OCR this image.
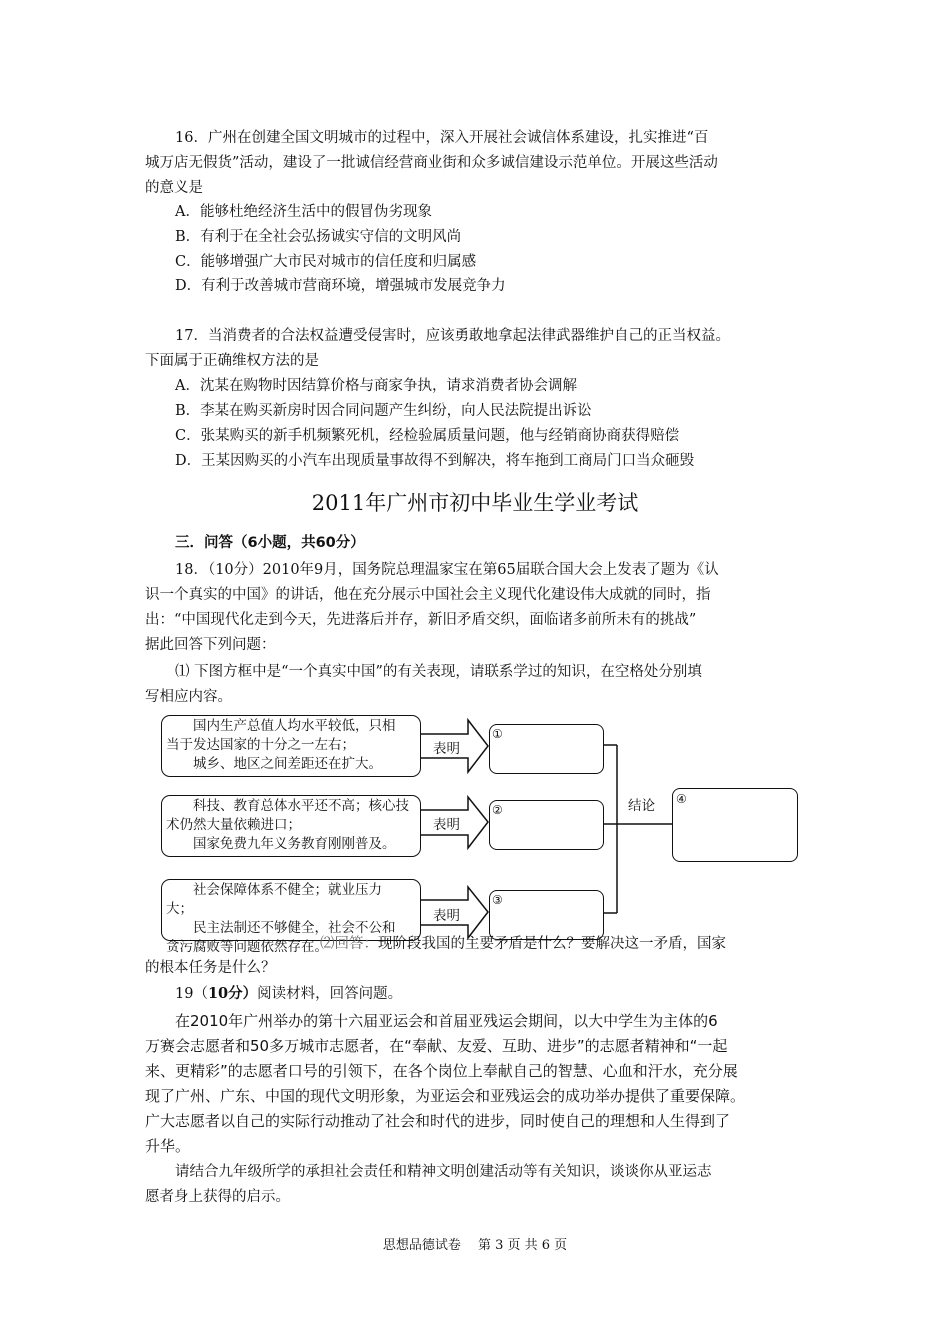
16．广州在创建全国文明城市的过程中，深入开展社会诚信体系建设，扎实推进“百
城万店无假货”活动，建设了一批诚信经营商业街和众多诚信建设示范单位。开展这些活动
的意义是
A．能够杜绝经济生活中的假冒伪劣现象
B．有利于在全社会弘扬诚实守信的文明风尚
C．能够增强广大市民对城市的信任度和归属感
D．有利于改善城市营商环境，增强城市发展竞争力
17．当消费者的合法权益遭受侵害时，应该勇敢地拿起法律武器维护自己的正当权益。
下面属于正确维权方法的是
A．沈某在购物时因结算价格与商家争执，请求消费者协会调解
B．李某在购买新房时因合同问题产生纠纷，向人民法院提出诉讼
C．张某购买的新手机频繁死机，经检验属质量问题，他与经销商协商获得赔偿
D．王某因购买的小汽车出现质量事故得不到解决，将车拖到工商局门口当众砸毁
2011年广州市初中毕业生学业考试
三．问答（6小题，共60分）
18．（10分）2010年9月，国务院总理温家宝在第65届联合国大会上发表了题为《认
识一个真实的中国》的讲话，他在充分展示中国社会主义现代化建设伟大成就的同时，指
出：“中国现代化走到今天，先进落后并存，新旧矛盾交织，面临诸多前所未有的挑战”
据此回答下列问题：
⑴ 下图方框中是“一个真实中国”的有关表现，请联系学过的知识，在空格处分别填
写相应内容。
表明
表明
表明
国内生产总值人均水平较低，只相
当于发达国家的十分之一左右；
城乡、地区之间差距还在扩大。
科技、教育总体水平还不高；核心技
术仍然大量依赖进口；
国家免费九年义务教育刚刚普及。
社会保障体系不健全；就业压力
大；
民主法制还不够健全，社会不公和
贪污腐败等问题依然存在。
①
②
③
结论 ④
⑵回答：现阶段我国的主要矛盾是什么？要解决这一矛盾，国家
的根本任务是什么？
19（10分）阅读材料，回答问题。
在2010年广州举办的第十六届亚运会和首届亚残运会期间，以大中学生为主体的6
万赛会志愿者和50多万城市志愿者，在“奉献、友爱、互助、进步”的志愿者精神和“一起
来、更精彩”的志愿者口号的引领下，在各个岗位上奉献自己的智慧、心血和汗水，充分展
现了广州、广东、中国的现代文明形象，为亚运会和亚残运会的成功举办提供了重要保障。
广大志愿者以自己的实际行动推动了社会和时代的进步，同时使自己的理想和人生得到了
升华。
请结合九年级所学的承担社会责任和精神文明创建活动等有关知识，谈谈你从亚运志
愿者身上获得的启示。
思想品德试卷　 第 3 页 共 6 页
